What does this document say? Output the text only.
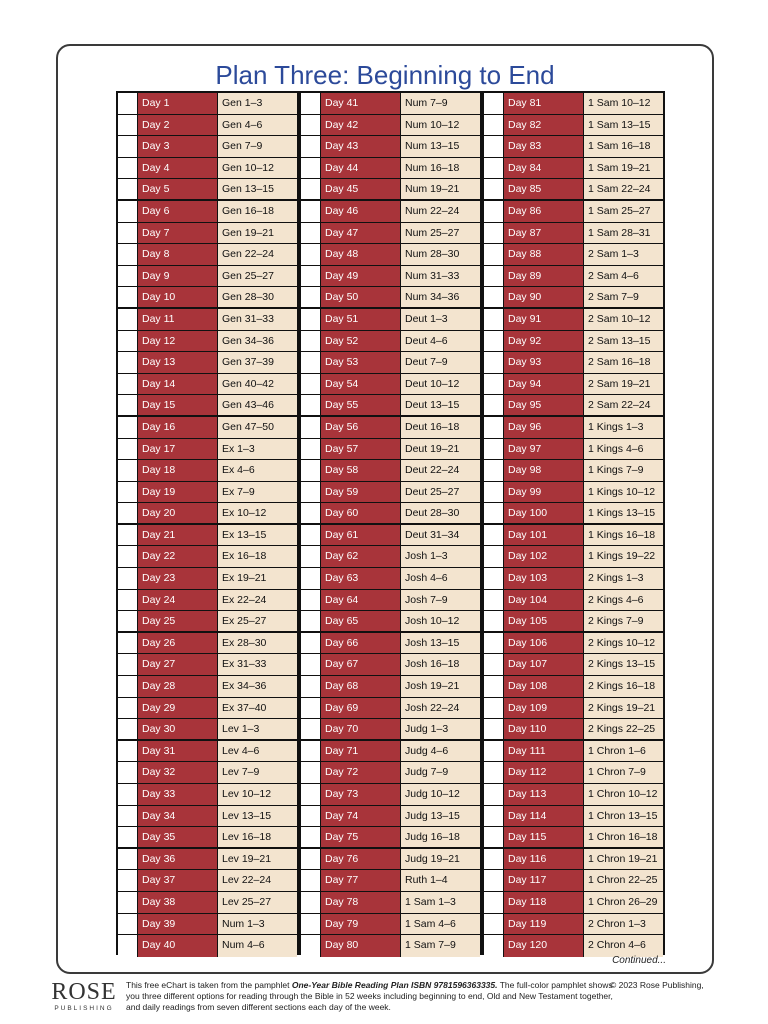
Plan Three: Beginning to End
Day 1	Gen 1–3
Day 2	Gen 4–6
Day 3	Gen 7–9
Day 4	Gen 10–12
Day 5	Gen 13–15
Day 6	Gen 16–18
Day 7	Gen 19–21
Day 8	Gen 22–24
Day 9	Gen 25–27
Day 10	Gen 28–30
Day 11	Gen 31–33
Day 12	Gen 34–36
Day 13	Gen 37–39
Day 14	Gen 40–42
Day 15	Gen 43–46
Day 16	Gen 47–50
Day 17	Ex 1–3
Day 18	Ex 4–6
Day 19	Ex 7–9
Day 20	Ex 10–12
Day 21	Ex 13–15
Day 22	Ex 16–18
Day 23	Ex 19–21
Day 24	Ex 22–24
Day 25	Ex 25–27
Day 26	Ex 28–30
Day 27	Ex 31–33
Day 28	Ex 34–36
Day 29	Ex 37–40
Day 30	Lev 1–3
Day 31	Lev 4–6
Day 32	Lev 7–9
Day 33	Lev 10–12
Day 34	Lev 13–15
Day 35	Lev 16–18
Day 36	Lev 19–21
Day 37	Lev 22–24
Day 38	Lev 25–27
Day 39	Num 1–3
Day 40	Num 4–6
Day 41	Num 7–9
Day 42	Num 10–12
Day 43	Num 13–15
Day 44	Num 16–18
Day 45	Num 19–21
Day 46	Num 22–24
Day 47	Num 25–27
Day 48	Num 28–30
Day 49	Num 31–33
Day 50	Num 34–36
Day 51	Deut 1–3
Day 52	Deut 4–6
Day 53	Deut 7–9
Day 54	Deut 10–12
Day 55	Deut 13–15
Day 56	Deut 16–18
Day 57	Deut 19–21
Day 58	Deut 22–24
Day 59	Deut 25–27
Day 60	Deut 28–30
Day 61	Deut 31–34
Day 62	Josh 1–3
Day 63	Josh 4–6
Day 64	Josh 7–9
Day 65	Josh 10–12
Day 66	Josh 13–15
Day 67	Josh 16–18
Day 68	Josh 19–21
Day 69	Josh 22–24
Day 70	Judg 1–3
Day 71	Judg 4–6
Day 72	Judg 7–9
Day 73	Judg 10–12
Day 74	Judg 13–15
Day 75	Judg 16–18
Day 76	Judg 19–21
Day 77	Ruth 1–4
Day 78	1 Sam 1–3
Day 79	1 Sam 4–6
Day 80	1 Sam 7–9
Day 81	1 Sam 10–12
Day 82	1 Sam 13–15
Day 83	1 Sam 16–18
Day 84	1 Sam 19–21
Day 85	1 Sam 22–24
Day 86	1 Sam 25–27
Day 87	1 Sam 28–31
Day 88	2 Sam 1–3
Day 89	2 Sam 4–6
Day 90	2 Sam 7–9
Day 91	2 Sam 10–12
Day 92	2 Sam 13–15
Day 93	2 Sam 16–18
Day 94	2 Sam 19–21
Day 95	2 Sam 22–24
Day 96	1 Kings 1–3
Day 97	1 Kings 4–6
Day 98	1 Kings 7–9
Day 99	1 Kings 10–12
Day 100	1 Kings 13–15
Day 101	1 Kings 16–18
Day 102	1 Kings 19–22
Day 103	2 Kings 1–3
Day 104	2 Kings 4–6
Day 105	2 Kings 7–9
Day 106	2 Kings 10–12
Day 107	2 Kings 13–15
Day 108	2 Kings 16–18
Day 109	2 Kings 19–21
Day 110	2 Kings 22–25
Day 111	1 Chron 1–6
Day 112	1 Chron 7–9
Day 113	1 Chron 10–12
Day 114	1 Chron 13–15
Day 115	1 Chron 16–18
Day 116	1 Chron 19–21
Day 117	1 Chron 22–25
Day 118	1 Chron 26–29
Day 119	2 Chron 1–3
Day 120	2 Chron 4–6
Continued...
ROSE
PUBLISHING
This free eChart is taken from the pamphlet One-Year Bible Reading Plan ISBN 9781596363335. The full-color pamphlet shows you three different options for reading through the Bible in 52 weeks including beginning to end, Old and New Testament together, and daily readings from seven different sections each day of the week.
© 2023 Rose Publishing,
